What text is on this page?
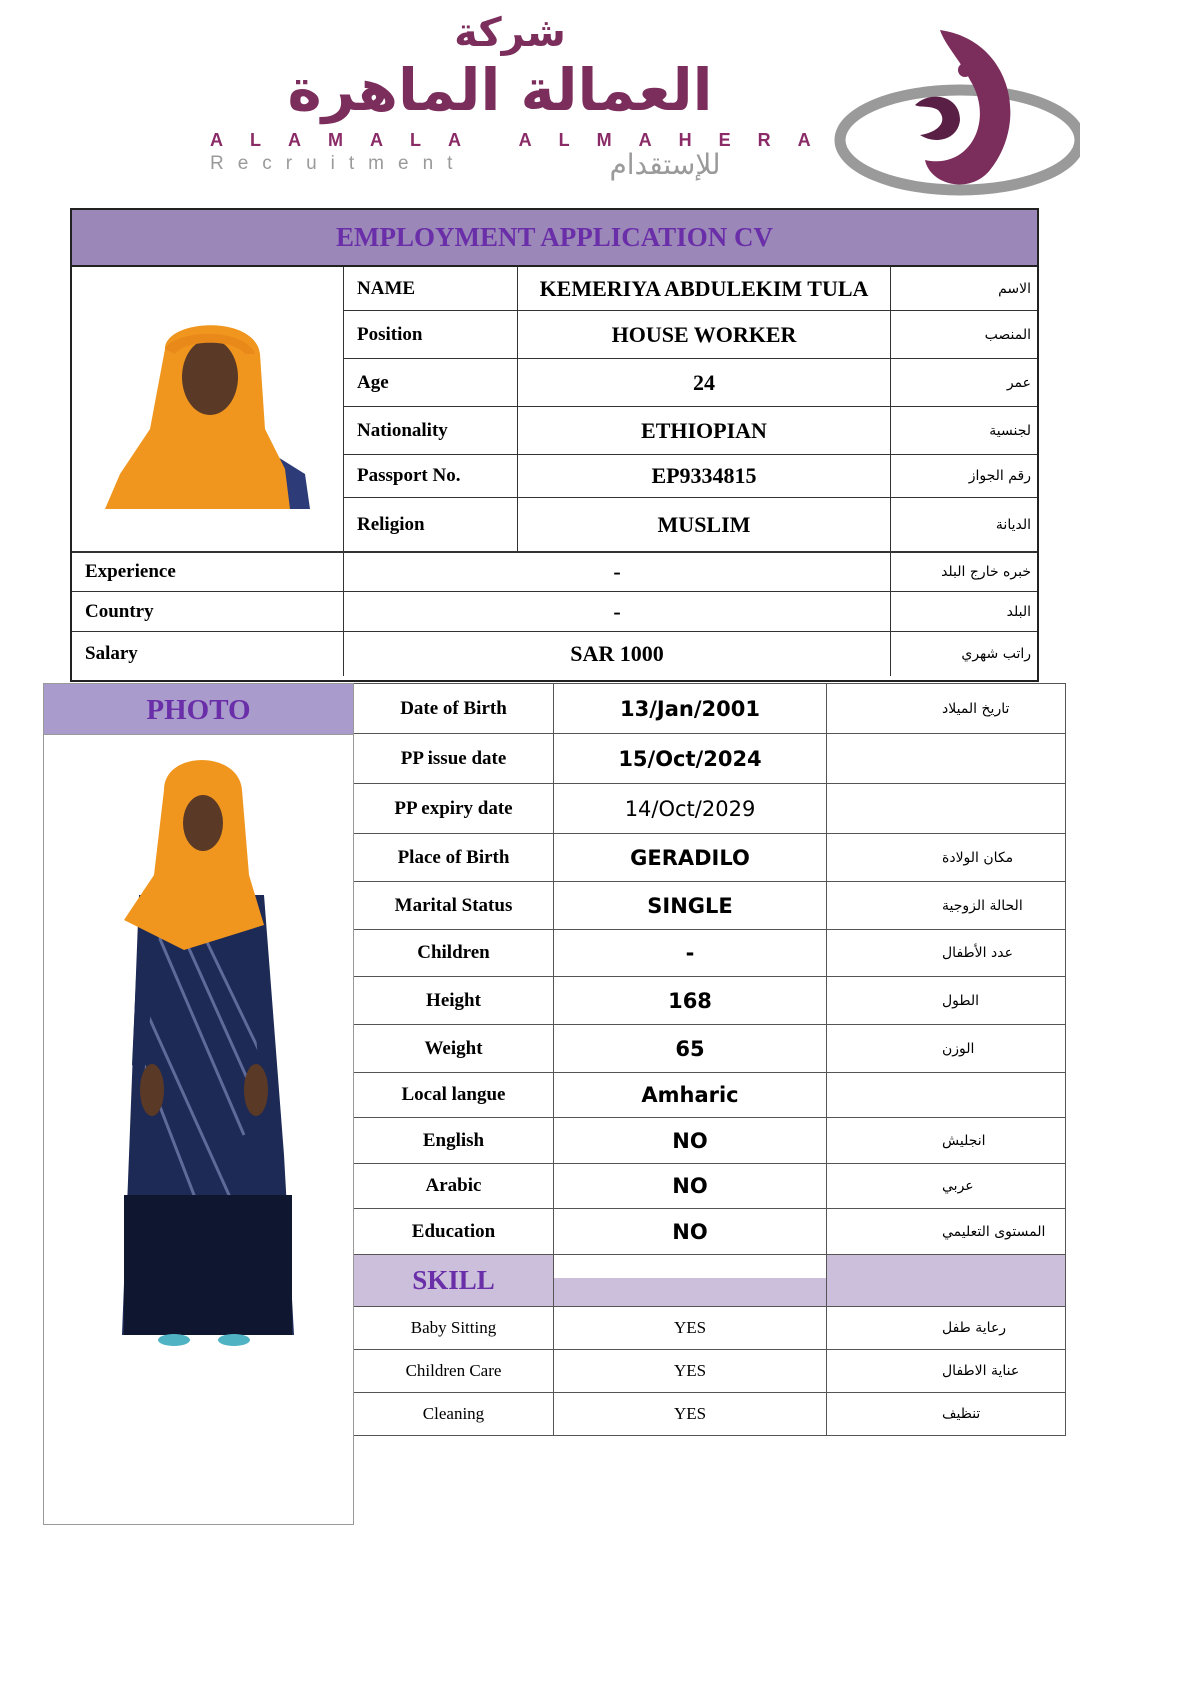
شركة
العمالة الماهرة
ALAMALA ALMAHERA
Recruitment	للإستقدام
EMPLOYMENT APPLICATION CV
NAME	KEMERIYA ABDULEKIM TULA	الاسم
Position	HOUSE WORKER	المنصب
Age	24	عمر
Nationality	ETHIOPIAN	لجنسية
Passport No.	EP9334815	رقم الجواز
Religion	MUSLIM	الديانة
Experience	-	خبره خارج البلد
Country	-	البلد
Salary	SAR 1000	راتب شهري
PHOTO	Date of Birth	13/Jan/2001	تاريخ الميلاد
PP issue date	15/Oct/2024
PP expiry date	14/Oct/2029
Place of Birth	GERADILO	مكان الولادة
Marital Status	SINGLE	الحالة الزوجية
Children	-	عدد الأطفال
Height	168	الطول
Weight	65	الوزن
Local langue	Amharic
English	NO	انجليش
Arabic	NO	عربي
Education	NO	المستوى التعليمي
SKILL
Baby Sitting	YES	رعاية طفل
Children Care	YES	عناية الاطفال
Cleaning	YES	تنظيف
